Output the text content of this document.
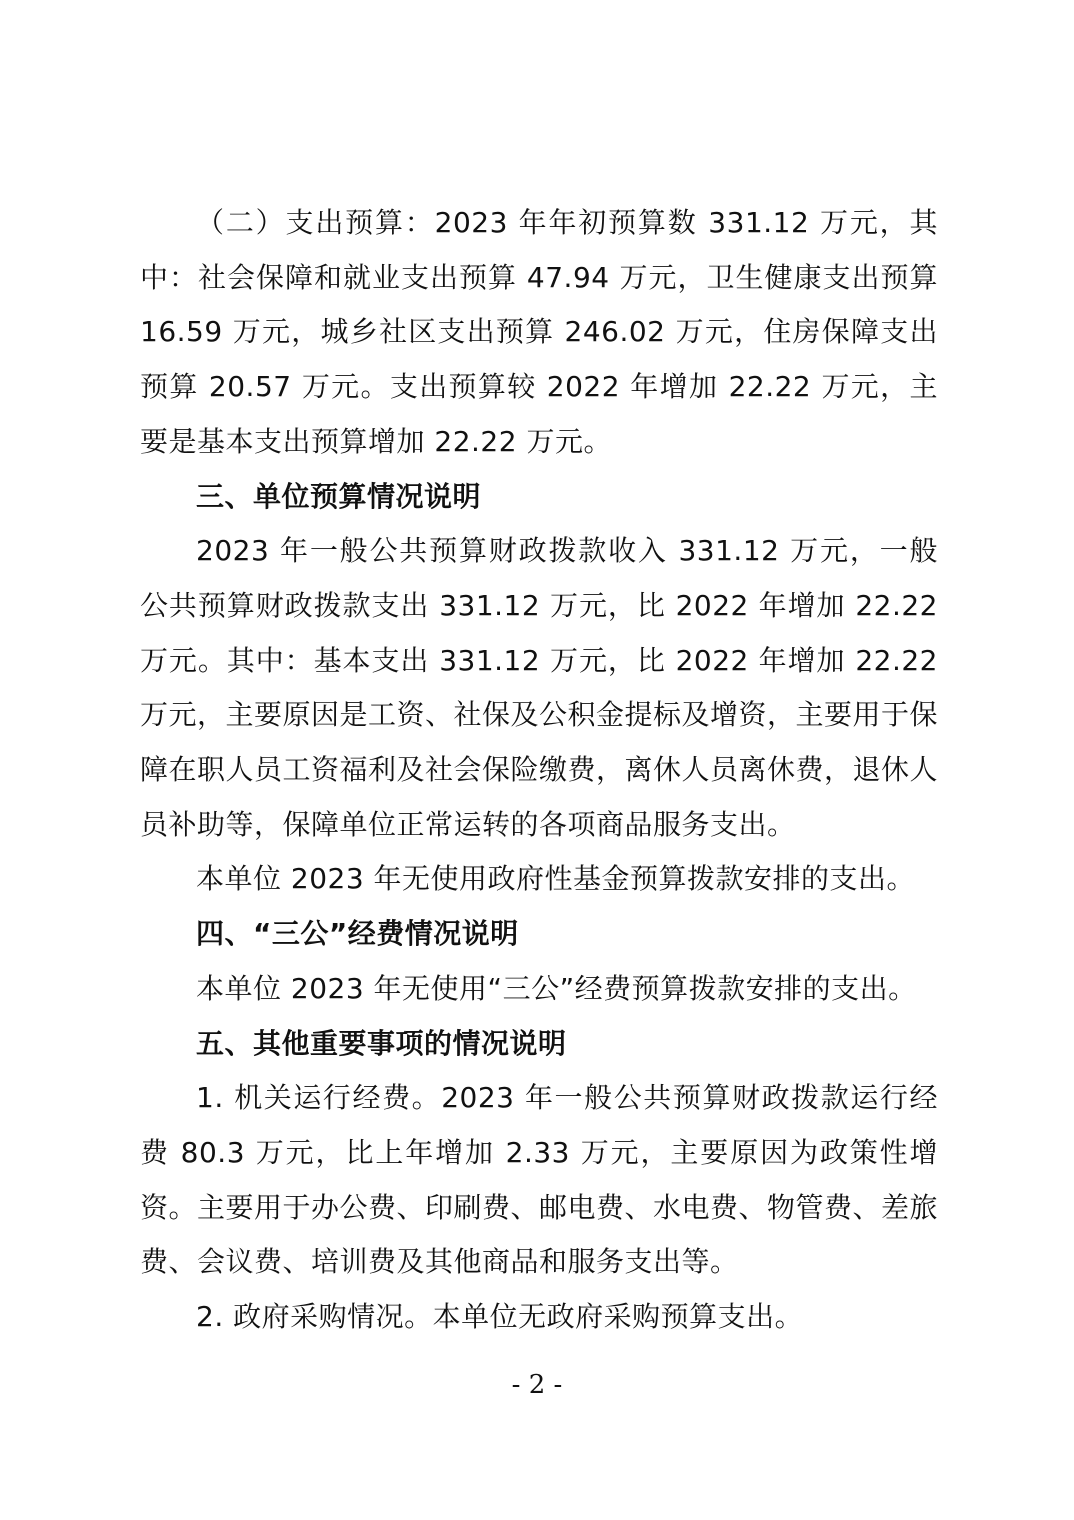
（二）支出预算：2023 年年初预算数 331.12 万元，其中：社会保障和就业支出预算 47.94 万元，卫生健康支出预算 16.59 万元，城乡社区支出预算 246.02 万元，住房保障支出预算 20.57 万元。支出预算较 2022 年增加 22.22 万元，主要是基本支出预算增加 22.22 万元。

三、单位预算情况说明

2023 年一般公共预算财政拨款收入 331.12 万元，一般公共预算财政拨款支出 331.12 万元，比 2022 年增加 22.22 万元。其中：基本支出 331.12 万元，比 2022 年增加 22.22 万元，主要原因是工资、社保及公积金提标及增资，主要用于保障在职人员工资福利及社会保险缴费，离休人员离休费，退休人员补助等，保障单位正常运转的各项商品服务支出。

本单位 2023 年无使用政府性基金预算拨款安排的支出。

四、“三公”经费情况说明

本单位 2023 年无使用“三公”经费预算拨款安排的支出。

五、其他重要事项的情况说明

1. 机关运行经费。2023 年一般公共预算财政拨款运行经费 80.3 万元，比上年增加 2.33 万元，主要原因为政策性增资。主要用于办公费、印刷费、邮电费、水电费、物管费、差旅费、会议费、培训费及其他商品和服务支出等。

2. 政府采购情况。本单位无政府采购预算支出。

- 2 -
